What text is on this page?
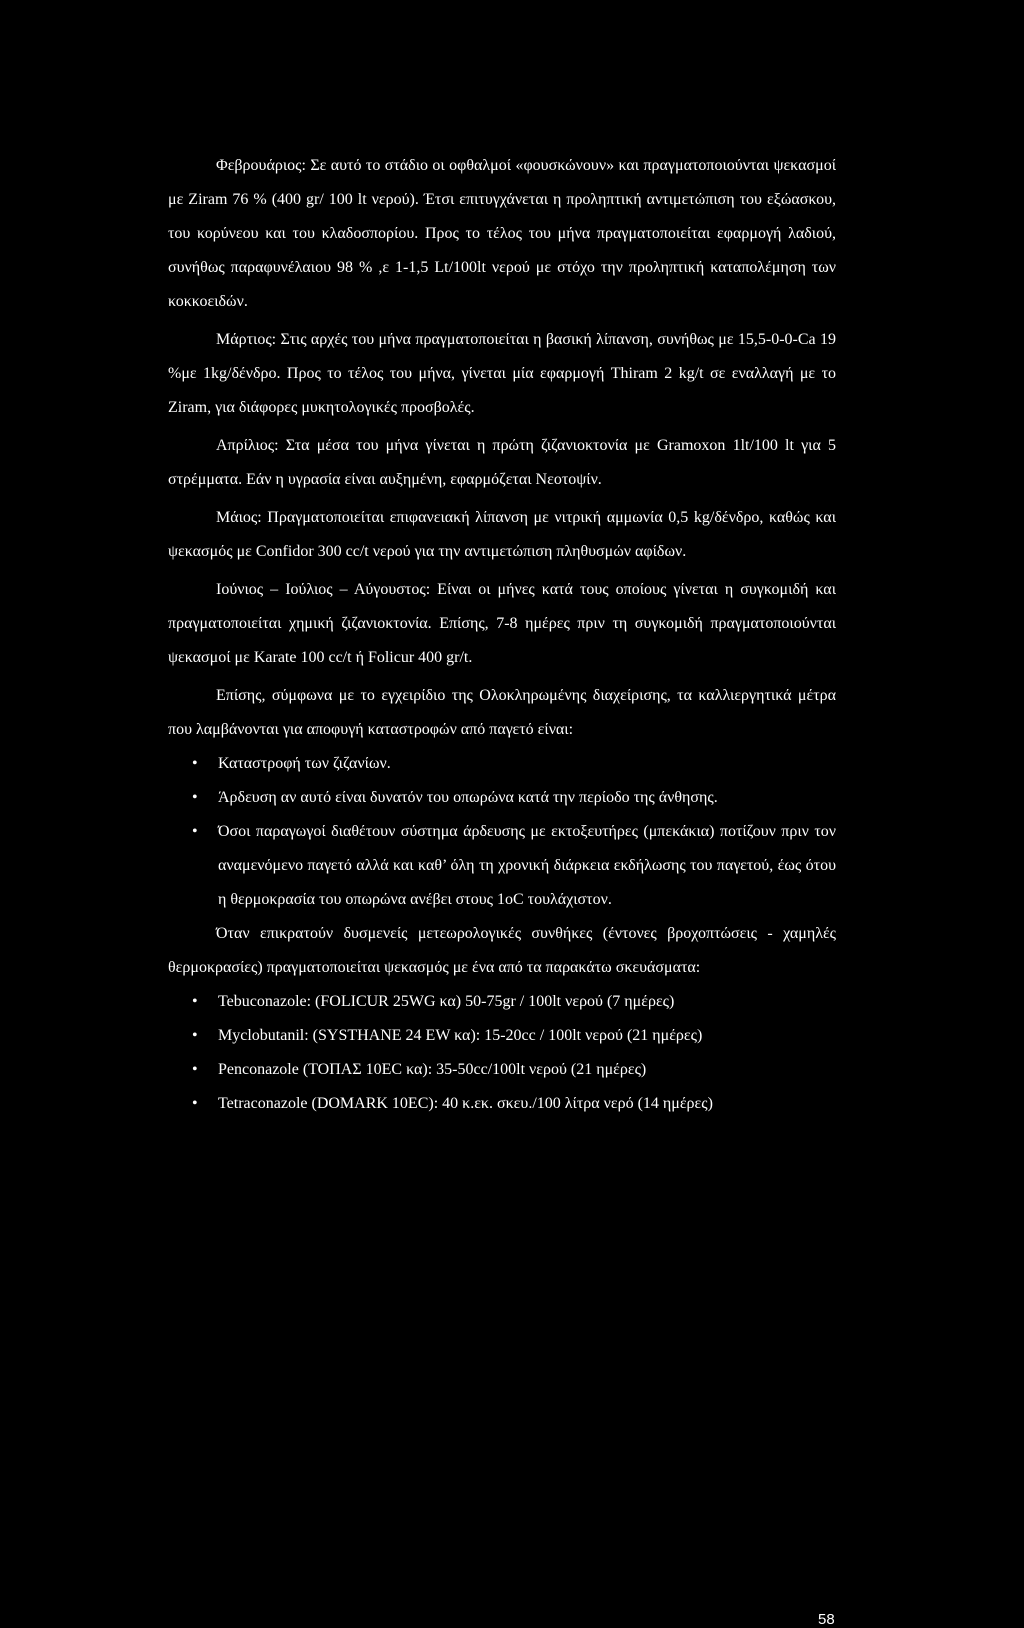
Φεβρουάριος: Σε αυτό το στάδιο οι οφθαλμοί «φουσκώνουν» και πραγματοποιούνται ψεκασμοί με Ziram 76 % (400 gr/ 100 lt νερού). Έτσι επιτυγχάνεται η προληπτική αντιμετώπιση του εξώασκου, του κορύνεου και του κλαδοσπορίου. Προς το τέλος του μήνα πραγματοποιείται εφαρμογή λαδιού, συνήθως παραφυνέλαιου 98 % ,ε 1-1,5 Lt/100lt νερού με στόχο την προληπτική καταπολέμηση των κοκκοειδών.

Μάρτιος: Στις αρχές του μήνα πραγματοποιείται η βασική λίπανση, συνήθως με 15,5-0-0-Ca 19 %με 1kg/δένδρο. Προς το τέλος του μήνα, γίνεται μία εφαρμογή Thiram 2 kg/t σε εναλλαγή με το Ziram, για διάφορες μυκητολογικές προσβολές.

Απρίλιος: Στα μέσα του μήνα γίνεται η πρώτη ζιζανιοκτονία με Gramoxon 1lt/100 lt για 5 στρέμματα. Εάν η υγρασία είναι αυξημένη, εφαρμόζεται Νεοτοψίν.

Μάιος: Πραγματοποιείται επιφανειακή λίπανση με νιτρική αμμωνία 0,5 kg/δένδρο, καθώς και ψεκασμός με Confidor 300 cc/t νερού για την αντιμετώπιση πληθυσμών αφίδων.

Ιούνιος – Ιούλιος – Αύγουστος: Είναι οι μήνες κατά τους οποίους γίνεται η συγκομιδή και πραγματοποιείται χημική ζιζανιοκτονία. Επίσης, 7-8 ημέρες πριν τη συγκομιδή πραγματοποιούνται ψεκασμοί με Karate 100 cc/t ή Folicur 400 gr/t.

Επίσης, σύμφωνα με το εγχειρίδιο της Ολοκληρωμένης διαχείρισης, τα καλλιεργητικά μέτρα που λαμβάνονται για αποφυγή καταστροφών από παγετό είναι:

• Καταστροφή των ζιζανίων.
• Άρδευση αν αυτό είναι δυνατόν του οπωρώνα κατά την περίοδο της άνθησης.
• Όσοι παραγωγοί διαθέτουν σύστημα άρδευσης με εκτοξευτήρες (μπεκάκια) ποτίζουν πριν τον αναμενόμενο παγετό αλλά και καθ’ όλη τη χρονική διάρκεια εκδήλωσης του παγετού, έως ότου η θερμοκρασία του οπωρώνα ανέβει στους 1oC τουλάχιστον.

Όταν επικρατούν δυσμενείς μετεωρολογικές συνθήκες (έντονες βροχοπτώσεις - χαμηλές θερμοκρασίες) πραγματοποιείται ψεκασμός με ένα από τα παρακάτω σκευάσματα:

• Tebuconazole: (FOLICUR 25WG κα) 50-75gr / 100lt νερού (7 ημέρες)
• Myclobutanil: (SYSTHANE 24 EW κα): 15-20cc / 100lt νερού (21 ημέρες)
• Penconazole (ΤΟΠΑΣ 10EC κα): 35-50cc/100lt νερού (21 ημέρες)
• Tetraconazole (DOMARK 10EC): 40 κ.εκ. σκευ./100 λίτρα νερό (14 ημέρες)
58
